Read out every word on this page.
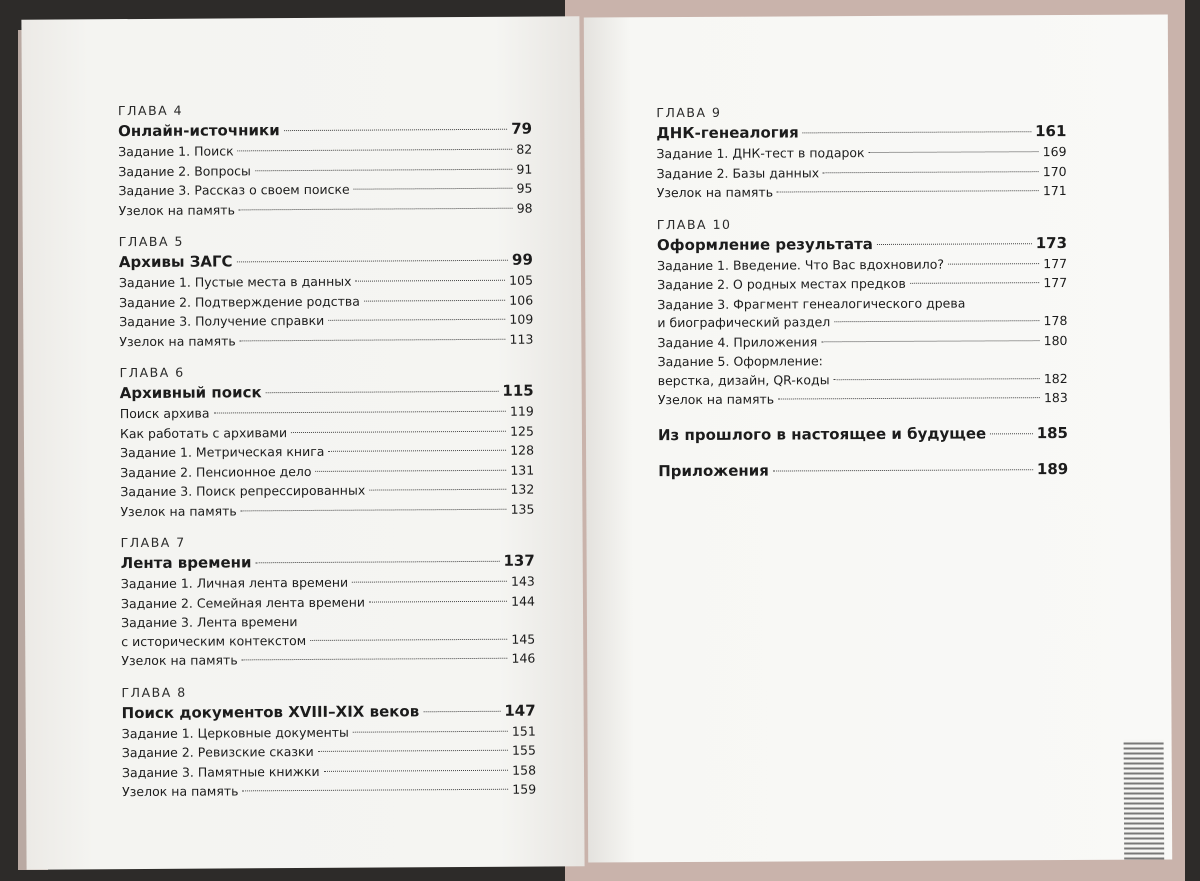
ГЛАВА 4
Онлайн-источники	79
Задание 1. Поиск	82
Задание 2. Вопросы	91
Задание 3. Рассказ о своем поиске	95
Узелок на память	98
ГЛАВА 5
Архивы ЗАГС	99
Задание 1. Пустые места в данных	105
Задание 2. Подтверждение родства	106
Задание 3. Получение справки	109
Узелок на память	113
ГЛАВА 6
Архивный поиск	115
Поиск архива	119
Как работать с архивами	125
Задание 1. Метрическая книга	128
Задание 2. Пенсионное дело	131
Задание 3. Поиск репрессированных	132
Узелок на память	135
ГЛАВА 7
Лента времени	137
Задание 1. Личная лента времени	143
Задание 2. Семейная лента времени	144
Задание 3. Лента времени
с историческим контекстом	145
Узелок на память	146
ГЛАВА 8
Поиск документов XVIII–XIX веков	147
Задание 1. Церковные документы	151
Задание 2. Ревизские сказки	155
Задание 3. Памятные книжки	158
Узелок на память	159
ГЛАВА 9
ДНК-генеалогия	161
Задание 1. ДНК-тест в подарок	169
Задание 2. Базы данных	170
Узелок на память	171
ГЛАВА 10
Оформление результата	173
Задание 1. Введение. Что Вас вдохновило?	177
Задание 2. О родных местах предков	177
Задание 3. Фрагмент генеалогического древа
и биографический раздел	178
Задание 4. Приложения	180
Задание 5. Оформление:
верстка, дизайн, QR-коды	182
Узелок на память	183
Из прошлого в настоящее и будущее	185
Приложения	189
